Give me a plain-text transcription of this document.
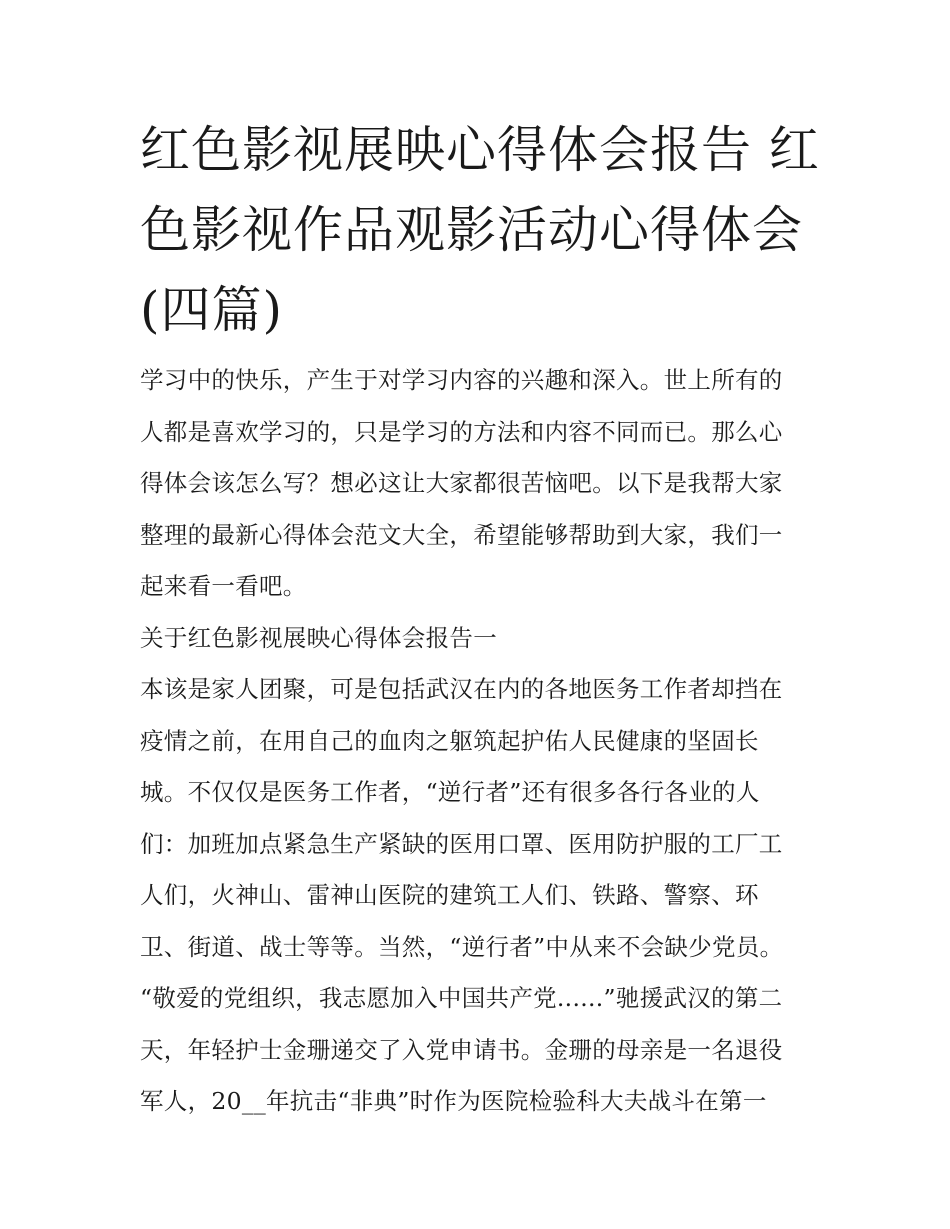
红色影视展映心得体会报告 红
色影视作品观影活动心得体会
(四篇)
学习中的快乐，产生于对学习内容的兴趣和深入。世上所有的
人都是喜欢学习的，只是学习的方法和内容不同而已。那么心
得体会该怎么写？想必这让大家都很苦恼吧。以下是我帮大家
整理的最新心得体会范文大全，希望能够帮助到大家，我们一
起来看一看吧。
关于红色影视展映心得体会报告一
本该是家人团聚，可是包括武汉在内的各地医务工作者却挡在
疫情之前，在用自己的血肉之躯筑起护佑人民健康的坚固长
城。不仅仅是医务工作者，“逆行者”还有很多各行各业的人
们：加班加点紧急生产紧缺的医用口罩、医用防护服的工厂工
人们，火神山、雷神山医院的建筑工人们、铁路、警察、环
卫、街道、战士等等。当然，“逆行者”中从来不会缺少党员。
“敬爱的党组织，我志愿加入中国共产党......”驰援武汉的第二
天，年轻护士金珊递交了入党申请书。金珊的母亲是一名退役
军人，20__年抗击“非典”时作为医院检验科大夫战斗在第一
